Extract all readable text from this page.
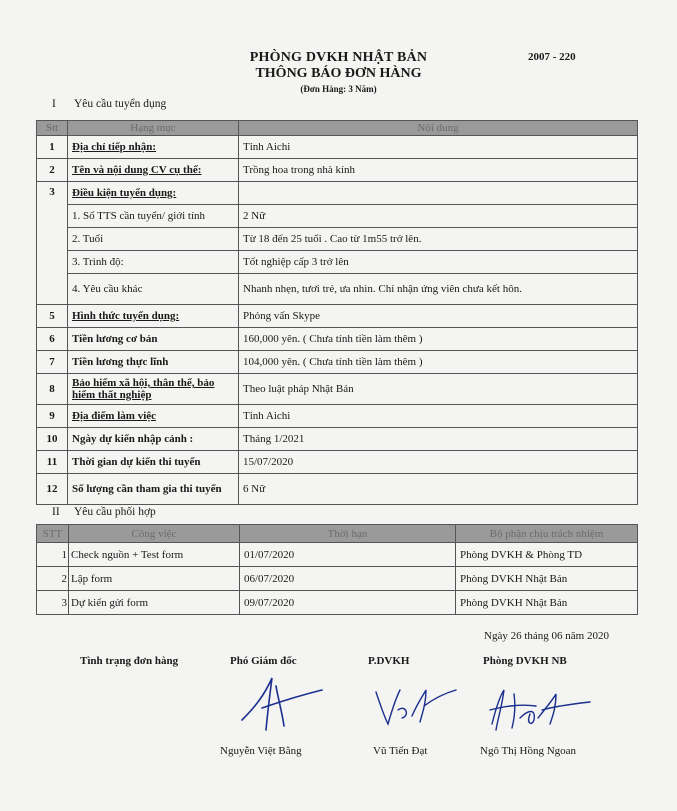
PHÒNG DVKH NHẬT BẢN
THÔNG BÁO ĐƠN HÀNG
(Đơn Hàng: 3 Năm)
2007 - 220
I Yêu cầu tuyển dụng
Stt	Hạng mục	Nội dung
1	Địa chỉ tiếp nhận:	Tỉnh Aichi
2	Tên và nội dung CV cụ thể:	Trồng hoa trong nhà kính
3	Điều kiện tuyển dụng:	
	1. Số TTS cần tuyển/ giới tính	2 Nữ
	2. Tuổi	Từ 18 đến 25 tuổi . Cao từ 1m55 trở lên.
	3. Trình độ:	Tốt nghiệp cấp 3 trở lên
	4. Yêu cầu khác	Nhanh nhẹn, tươi trẻ, ưa nhìn. Chỉ nhận ứng viên chưa kết hôn.
5	Hình thức tuyển dụng:	Phỏng vấn Skype
6	Tiền lương cơ bản	160,000 yên. ( Chưa tính tiền làm thêm )
7	Tiền lương thực lĩnh	104,000 yên. ( Chưa tính tiền làm thêm )
8	Bảo hiểm xã hội, thân thể, bảo hiểm thất nghiệp	Theo luật pháp Nhật Bản
9	Địa điểm làm việc	Tỉnh Aichi
10	Ngày dự kiến nhập cảnh :	Tháng 1/2021
11	Thời gian dự kiến thi tuyển	15/07/2020
12	Số lượng cần tham gia thi tuyển	6 Nữ
II Yêu cầu phối hợp
STT	Công việc	Thời hạn	Bộ phận chịu trách nhiệm
1	Check nguồn + Test form	01/07/2020	Phòng DVKH & Phòng TD
2	Lập form	06/07/2020	Phòng DVKH Nhật Bản
3	Dự kiến gửi form	09/07/2020	Phòng DVKH Nhật Bản
Ngày 26 tháng 06 năm 2020
Tình trạng đơn hàng	Phó Giám đốc	P.DVKH	Phòng DVKH NB
Nguyễn Việt Bằng	Vũ Tiến Đạt	Ngô Thị Hồng Ngoan
